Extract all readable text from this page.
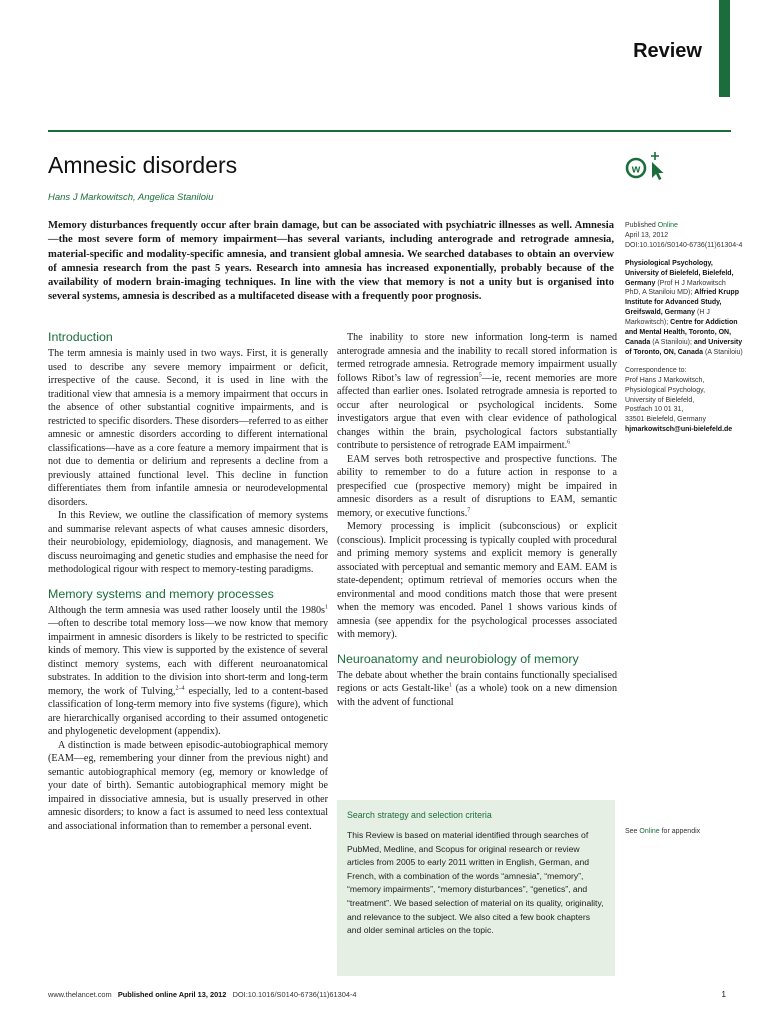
Review
Amnesic disorders
Hans J Markowitsch, Angelica Staniloiu
w

Memory disturbances frequently occur after brain damage, but can be associated with psychiatric illnesses as well. Amnesia—the most severe form of memory impairment—has several variants, including anterograde and retrograde amnesia, material-specific and modality-specific amnesia, and transient global amnesia. We searched databases to obtain an overview of amnesia research from the past 5 years. Research into amnesia has increased exponentially, probably because of the availability of modern brain-imaging techniques. In line with the view that memory is not a unity but is organised into several systems, amnesia is described as a multifaceted disease with a frequently poor prognosis.

Published Online
April 13, 2012
DOI:10.1016/S0140-6736(11)61304-4

Physiological Psychology, University of Bielefeld, Bielefeld, Germany (Prof H J Markowitsch PhD, A Staniloiu MD); Alfried Krupp Institute for Advanced Study, Greifswald, Germany (H J Markowitsch); Centre for Addiction and Mental Health, Toronto, ON, Canada (A Staniloiu); and University of Toronto, ON, Canada (A Staniloiu)

Correspondence to:
Prof Hans J Markowitsch,
Physiological Psychology,
University of Bielefeld,
Postfach 10 01 31,
33501 Bielefeld, Germany
hjmarkowitsch@uni-bielefeld.de

Introduction

The term amnesia is mainly used in two ways. First, it is generally used to describe any severe memory impairment or deficit, irrespective of the cause. Second, it is used in line with the traditional view that amnesia is a memory impairment that occurs in the absence of other substantial cognitive impairments, and is restricted to specific disorders. These disorders—referred to as either amnesic or amnestic disorders according to different international classifications—have as a core feature a memory impairment that is not due to dementia or delirium and represents a decline from a previously attained functional level. This decline in function differentiates them from infantile amnesia or neurodevelopmental disorders.

In this Review, we outline the classification of memory systems and summarise relevant aspects of what causes amnesic disorders, their neurobiology, epidemiology, diagnosis, and management. We discuss neuroimaging and genetic studies and emphasise the need for methodological rigour with respect to memory-testing paradigms.

Memory systems and memory processes

Although the term amnesia was used rather loosely until the $1980s^1—often$ to describe total memory loss—we now know that memory impairment in amnesic disorders is likely to be restricted to specific kinds of memory. This view is supported by the existence of several distinct memory systems, each with different neuroanatomical substrates. In addition to the division into short-term and long-term memory, the work of Tulving,$^{2-4}$ especially, led to a content-based classification of long-term memory into five systems (figure), which are hierarchically organised according to their assumed ontogenetic and phylogenetic development (appendix).

A distinction is made between episodic-autobiographical memory (EAM—eg, remembering your dinner from the previous night) and semantic autobiographical memory (eg, memory or knowledge of your date of birth). Semantic autobiographical memory might be impaired in dissociative amnesia, but is usually preserved in other amnesic disorders; to know a fact is assumed to need less contextual and associational information than to remember a personal event.

The inability to store new information long-term is named anterograde amnesia and the inability to recall stored information is termed retrograde amnesia. Retrograde memory impairment usually follows Ribot’s law of regression$^5$—ie, recent memories are more affected than earlier ones. Isolated retrograde amnesia is reported to occur after neurological or psychological incidents. Some investigators argue that even with clear evidence of pathological changes within the brain, psychological factors substantially contribute to persistence of retrograde EAM impairment.$^6$

EAM serves both retrospective and prospective functions. The ability to remember to do a future action in response to a prespecified cue (prospective memory) might be impaired in amnesic disorders as a result of disruptions to EAM, semantic memory, or executive functions.$^7$

Memory processing is implicit (subconscious) or explicit (conscious). Implicit processing is typically coupled with procedural and priming memory systems and explicit memory is generally associated with perceptual and semantic memory and EAM. EAM is state-dependent; optimum retrieval of memories occurs when the environmental and mood conditions match those that were present when the memory was encoded. Panel 1 shows various kinds of amnesia (see appendix for the psychological processes associated with memory).

Neuroanatomy and neurobiology of memory

The debate about whether the brain contains functionally specialised regions or acts Gestalt-like$^1$ (as a whole) took on a new dimension with the advent of functional

Search strategy and selection criteria

This Review is based on material identified through searches of PubMed, Medline, and Scopus for original research or review articles from 2005 to early 2011 written in English, German, and French, with a combination of the words “amnesia”, “memory”, “memory impairments”, “memory disturbances”, “genetics”, and “treatment”. We based selection of material on its quality, originality, and relevance to the subject. We also cited a few book chapters and older seminal articles on the topic.

See Online for appendix
www.thelancet.com Published online April 13, 2012 DOI:10.1016/S0140-6736(11)61304-4	1
